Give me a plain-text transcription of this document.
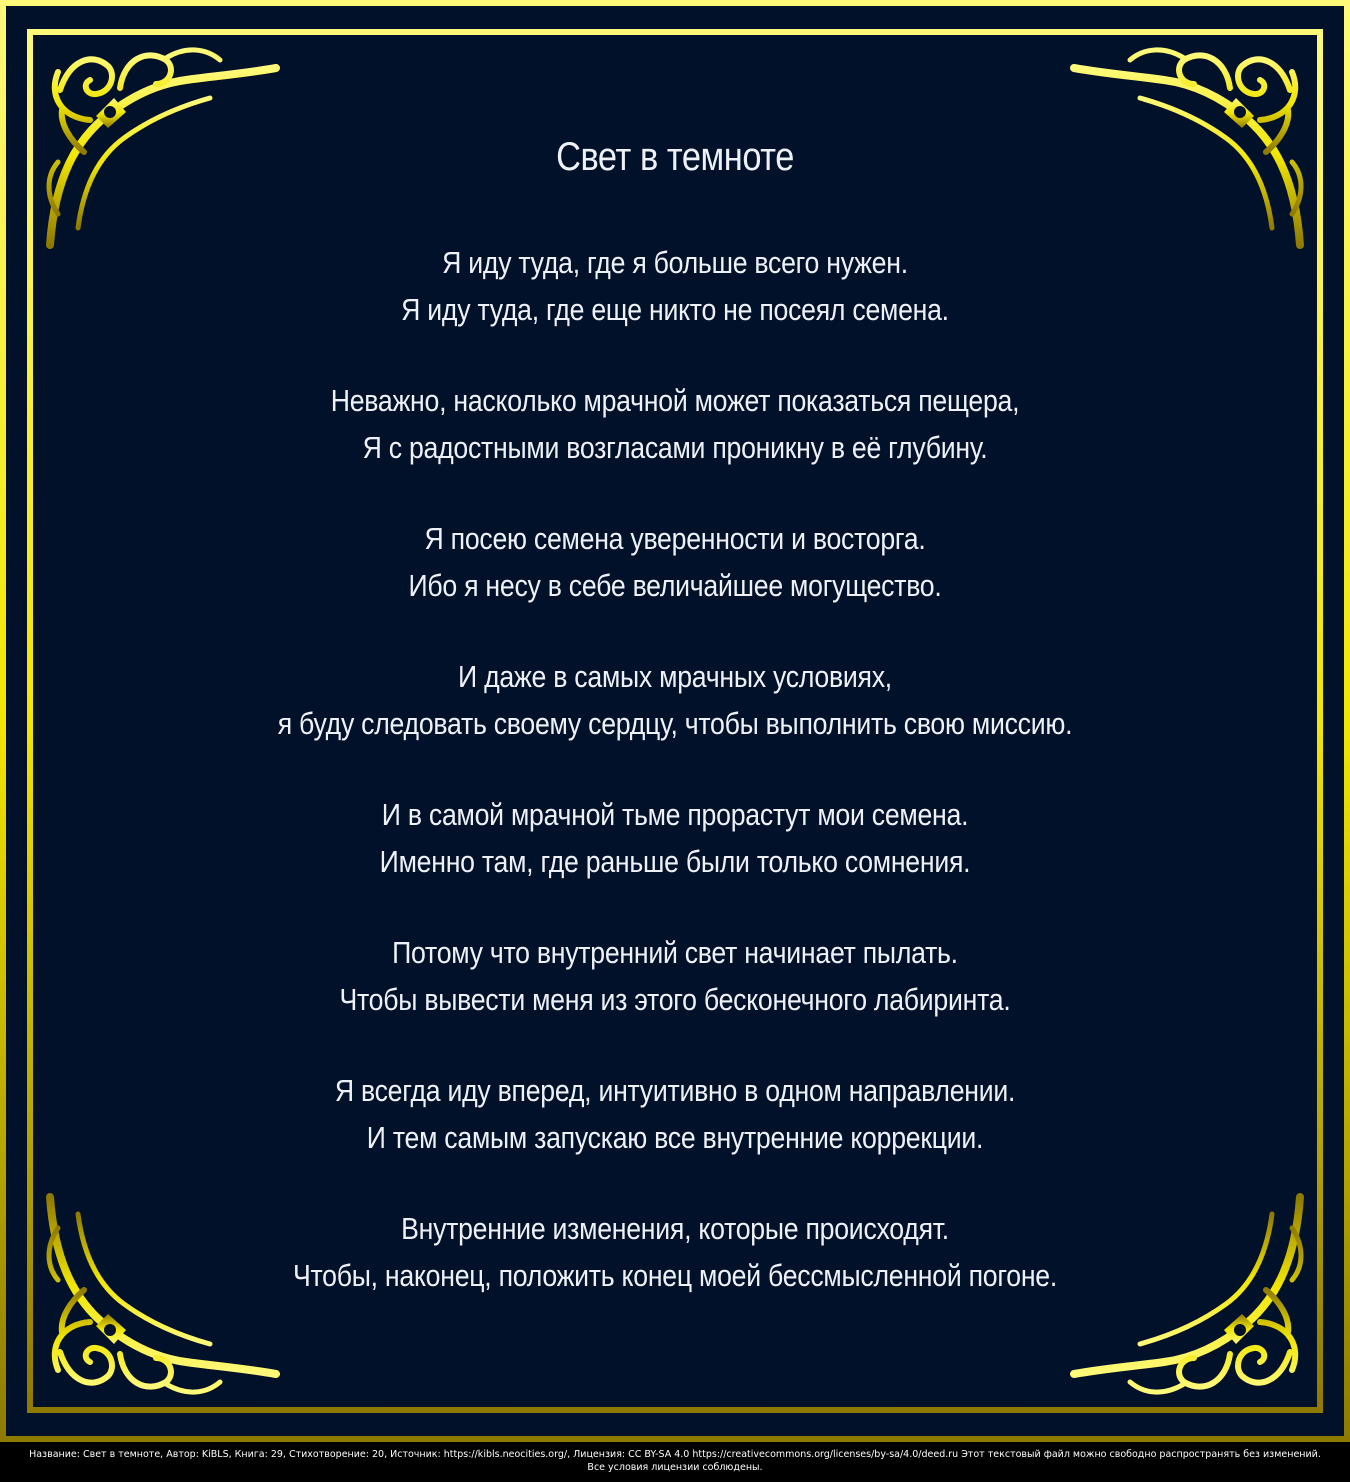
Свет в темноте
Я иду туда, где я больше всего нужен.
Я иду туда, где еще никто не посеял семена.
Неважно, насколько мрачной может показаться пещера,
Я с радостными возгласами проникну в её глубину.
Я посею семена уверенности и восторга.
Ибо я несу в себе величайшее могущество.
И даже в самых мрачных условиях,
я буду следовать своему сердцу, чтобы выполнить свою миссию.
И в самой мрачной тьме прорастут мои семена.
Именно там, где раньше были только сомнения.
Потому что внутренний свет начинает пылать.
Чтобы вывести меня из этого бесконечного лабиринта.
Я всегда иду вперед, интуитивно в одном направлении.
И тем самым запускаю все внутренние коррекции.
Внутренние изменения, которые происходят.
Чтобы, наконец, положить конец моей бессмысленной погоне.
Название: Свет в темноте, Автор: KiBLS, Книга: 29, Стихотворение: 20, Источник: https://kibls.neocities.org/, Лицензия: CC BY-SA 4.0 https://creativecommons.org/licenses/by-sa/4.0/deed.ru Этот текстовый файл можно свободно распространять без изменений. Все условия лицензии соблюдены.
